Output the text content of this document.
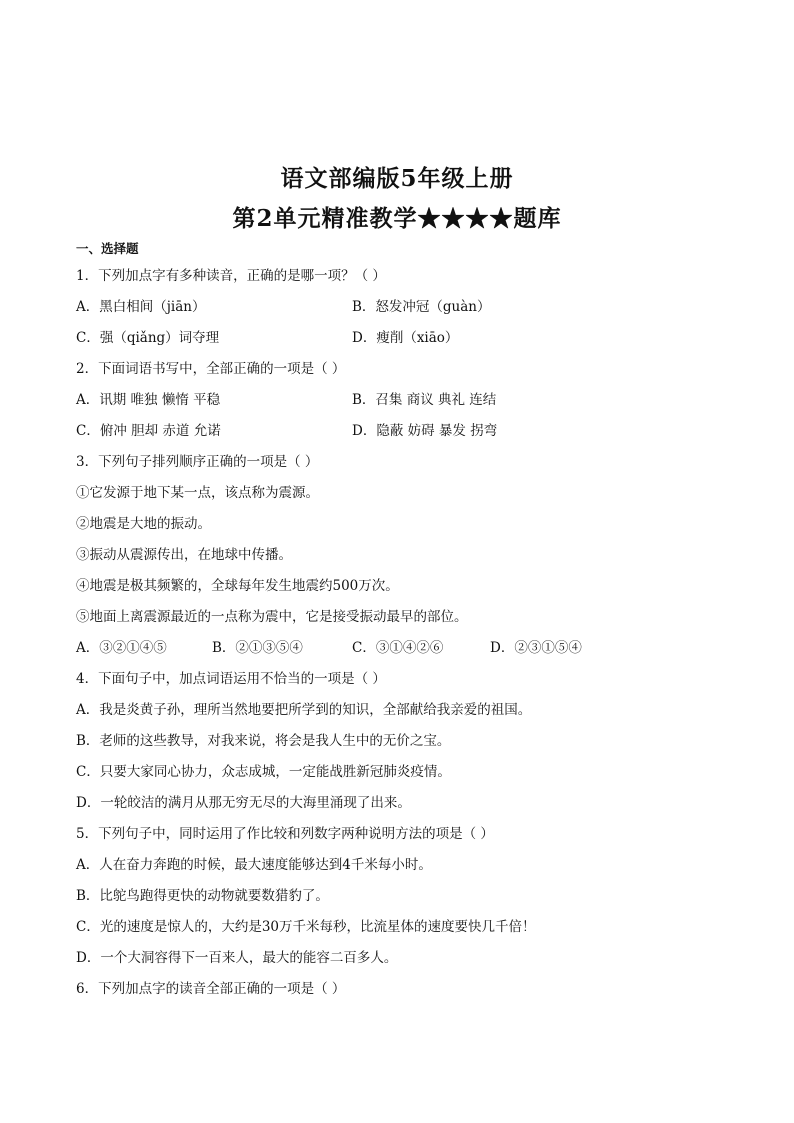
语文部编版5年级上册
第2单元精准教学★★★★题库
一、选择题
1．下列加点字有多种读音，正确的是哪一项？（ ）
A．黑白相间（jiān）	B．怒发冲冠（guàn）
C．强（qiǎng）词夺理	D．瘦削（xiāo）
2．下面词语书写中，全部正确的一项是（ ）
A．讯期 唯独 懒惰 平稳	B．召集 商议 典礼 连结
C．俯冲 胆却 赤道 允诺	D．隐蔽 妨碍 暴发 拐弯
3．下列句子排列顺序正确的一项是（ ）
①它发源于地下某一点，该点称为震源。
②地震是大地的振动。
③振动从震源传出，在地球中传播。
④地震是极其频繁的，全球每年发生地震约500万次。
⑤地面上离震源最近的一点称为震中，它是接受振动最早的部位。
A．③②①④⑤	B．②①③⑤④	C．③①④②⑥	D．②③①⑤④
4．下面句子中，加点词语运用不恰当的一项是（ ）
A．我是炎黄子孙，理所当然地要把所学到的知识，全部献给我亲爱的祖国。
B．老师的这些教导，对我来说，将会是我人生中的无价之宝。
C．只要大家同心协力，众志成城，一定能战胜新冠肺炎疫情。
D．一轮皎洁的满月从那无穷无尽的大海里涌现了出来。
5．下列句子中，同时运用了作比较和列数字两种说明方法的项是（ ）
A．人在奋力奔跑的时候，最大速度能够达到4千米每小时。
B．比鸵鸟跑得更快的动物就要数猎豹了。
C．光的速度是惊人的，大约是30万千米每秒，比流星体的速度要快几千倍！
D．一个大洞容得下一百来人，最大的能容二百多人。
6．下列加点字的读音全部正确的一项是（ ）
